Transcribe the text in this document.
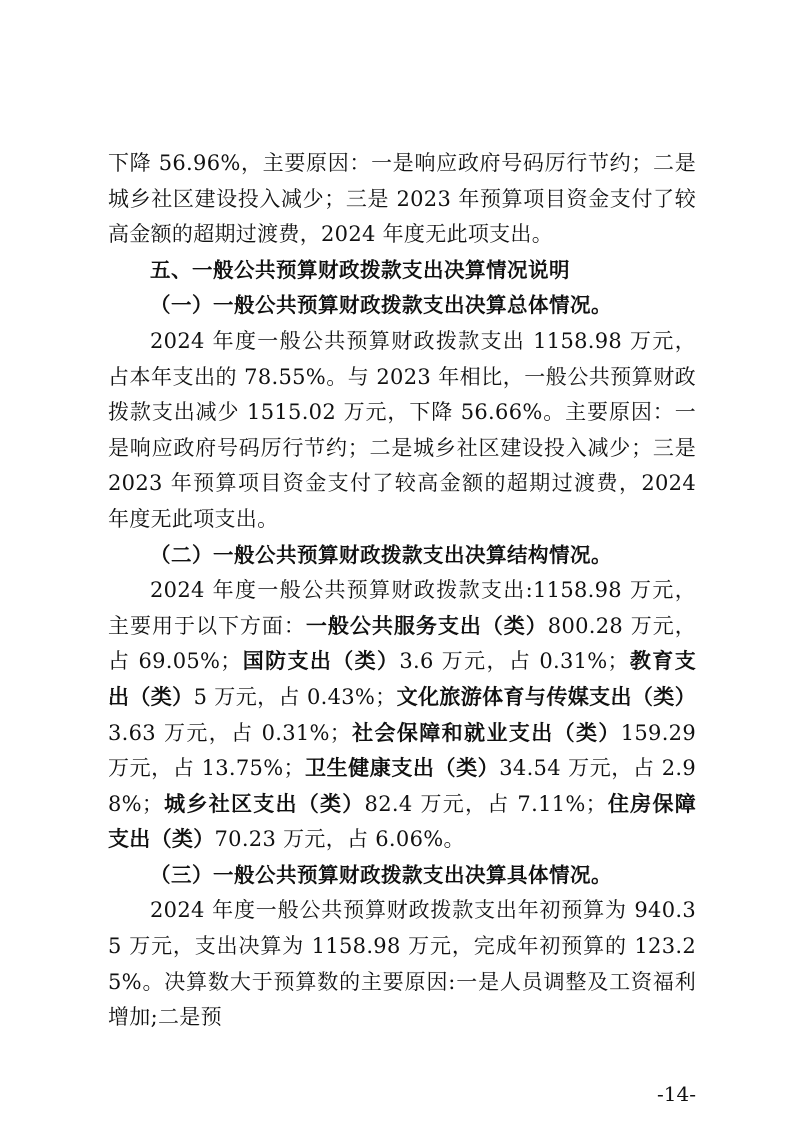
下降 56.96%，主要原因：一是响应政府号码厉行节约；二是城乡社区建设投入减少；三是 2023 年预算项目资金支付了较高金额的超期过渡费，2024 年度无此项支出。

五、一般公共预算财政拨款支出决算情况说明

（一）一般公共预算财政拨款支出决算总体情况。

2024 年度一般公共预算财政拨款支出 1158.98 万元，占本年支出的 78.55%。与 2023 年相比，一般公共预算财政拨款支出减少 1515.02 万元，下降 56.66%。主要原因：一是响应政府号码厉行节约；二是城乡社区建设投入减少；三是 2023 年预算项目资金支付了较高金额的超期过渡费，2024 年度无此项支出。

（二）一般公共预算财政拨款支出决算结构情况。

2024 年度一般公共预算财政拨款支出:1158.98 万元，主要用于以下方面：一般公共服务支出（类）800.28 万元，占 69.05%；国防支出（类）3.6 万元，占 0.31%；教育支出（类）5 万元，占 0.43%；文化旅游体育与传媒支出（类）3.63 万元，占 0.31%；社会保障和就业支出（类）159.29 万元，占 13.75%；卫生健康支出（类）34.54 万元，占 2.98%；城乡社区支出（类）82.4 万元，占 7.11%；住房保障支出（类）70.23 万元，占 6.06%。

（三）一般公共预算财政拨款支出决算具体情况。

2024 年度一般公共预算财政拨款支出年初预算为 940.35 万元，支出决算为 1158.98 万元，完成年初预算的 123.25%。决算数大于预算数的主要原因:一是人员调整及工资福利增加;二是预

-14-
